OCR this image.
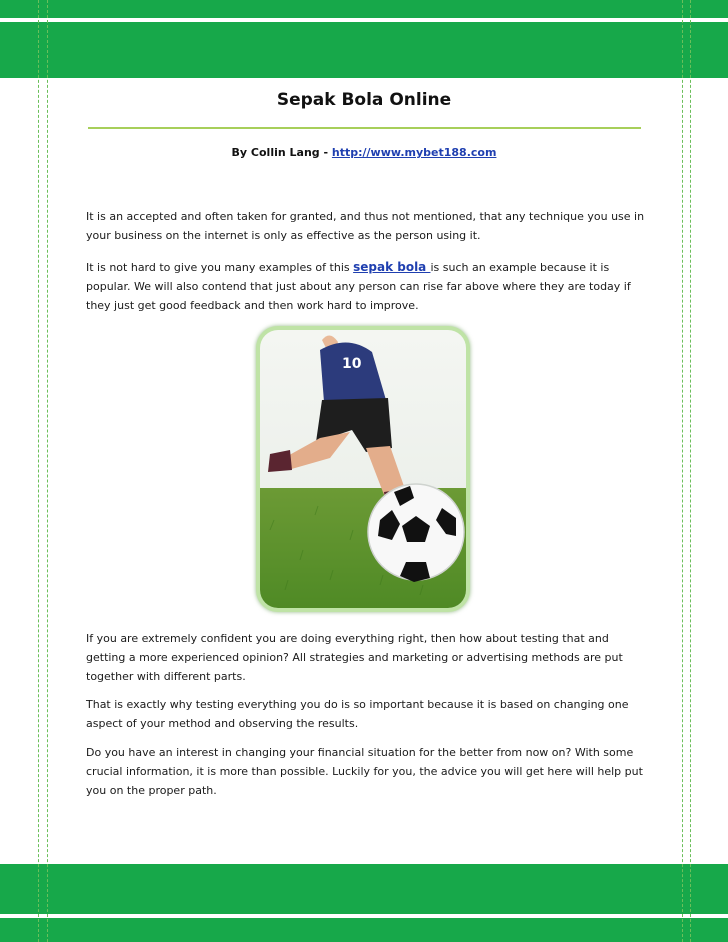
Sepak Bola Online
By Collin Lang - http://www.mybet188.com

It is an accepted and often taken for granted, and thus not mentioned, that any technique you use in your business on the internet is only as effective as the person using it.

It is not hard to give you many examples of this sepak bola is such an example because it is popular. We will also contend that just about any person can rise far above where they are today if they just get good feedback and then work hard to improve.

10

If you are extremely confident you are doing everything right, then how about testing that and getting a more experienced opinion? All strategies and marketing or advertising methods are put together with different parts.

That is exactly why testing everything you do is so important because it is based on changing one aspect of your method and observing the results.

Do you have an interest in changing your financial situation for the better from now on? With some crucial information, it is more than possible. Luckily for you, the advice you will get here will help put you on the proper path.
